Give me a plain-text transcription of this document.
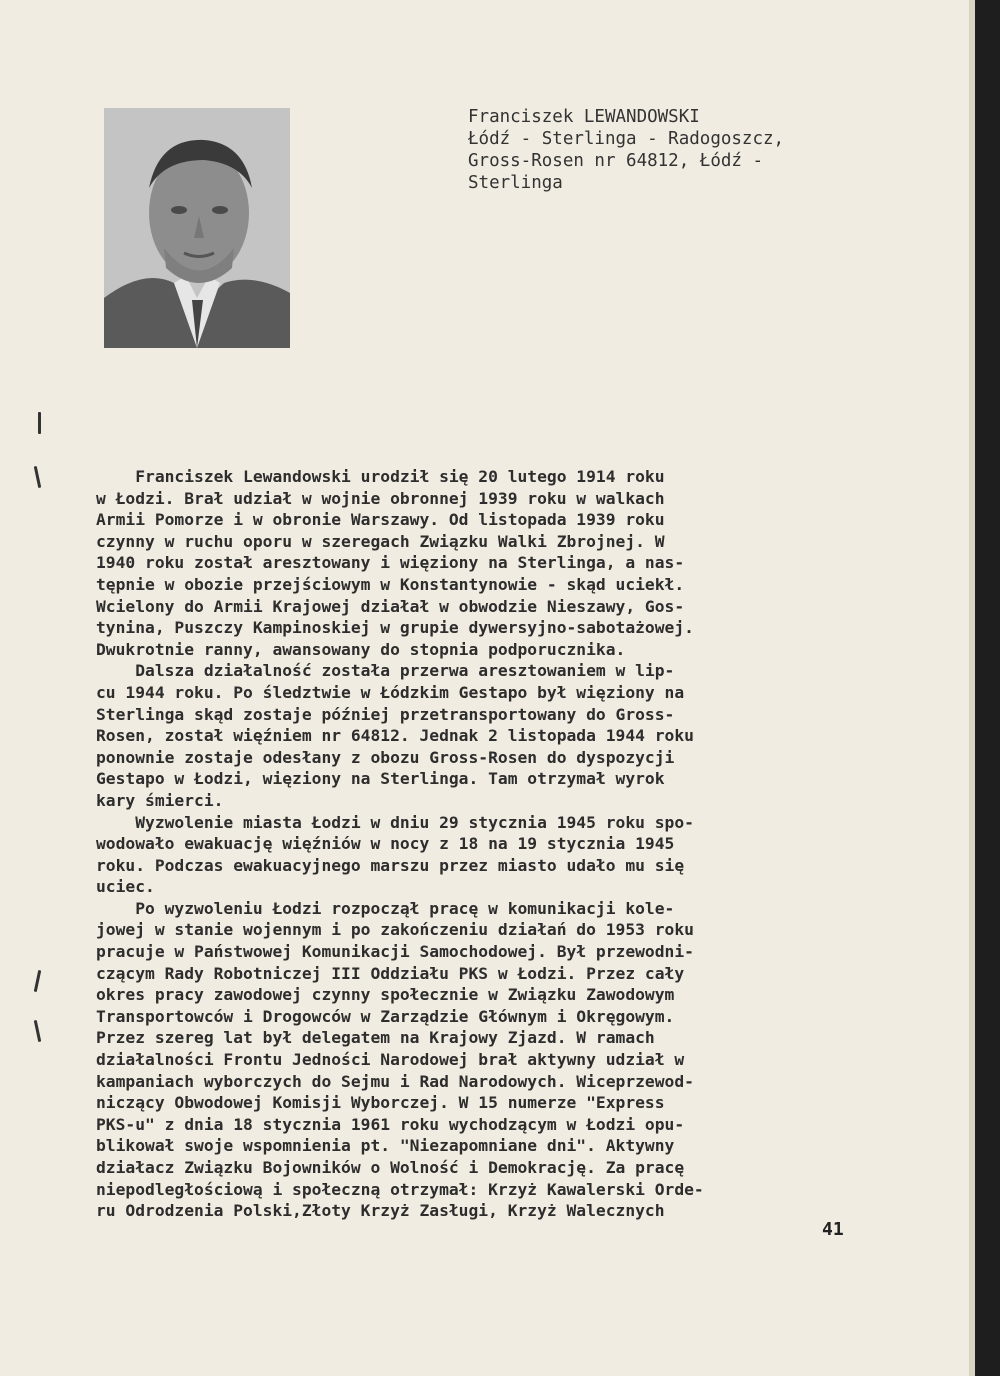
Franciszek LEWANDOWSKI
Łódź - Sterlinga - Radogoszcz,
Gross-Rosen nr 64812, Łódź -
Sterlinga

Franciszek Lewandowski urodził się 20 lutego 1914 roku

w Łodzi. Brał udział w wojnie obronnej 1939 roku w walkach

Armii Pomorze i w obronie Warszawy. Od listopada 1939 roku

czynny w ruchu oporu w szeregach Związku Walki Zbrojnej. W

1940 roku został aresztowany i więziony na Sterlinga, a nas-

tępnie w obozie przejściowym w Konstantynowie - skąd uciekł.

Wcielony do Armii Krajowej działał w obwodzie Nieszawy, Gos-

tynina, Puszczy Kampinoskiej w grupie dywersyjno-sabotażowej.

Dwukrotnie ranny, awansowany do stopnia podporucznika.

Dalsza działalność została przerwa aresztowaniem w lip-

cu 1944 roku. Po śledztwie w Łódzkim Gestapo był więziony na

Sterlinga skąd zostaje później przetransportowany do Gross-

Rosen, został więźniem nr 64812. Jednak 2 listopada 1944 roku

ponownie zostaje odesłany z obozu Gross-Rosen do dyspozycji

Gestapo w Łodzi, więziony na Sterlinga. Tam otrzymał wyrok

kary śmierci.

Wyzwolenie miasta Łodzi w dniu 29 stycznia 1945 roku spo-

wodowało ewakuację więźniów w nocy z 18 na 19 stycznia 1945

roku. Podczas ewakuacyjnego marszu przez miasto udało mu się

uciec.

Po wyzwoleniu Łodzi rozpoczął pracę w komunikacji kole-

jowej w stanie wojennym i po zakończeniu działań do 1953 roku

pracuje w Państwowej Komunikacji Samochodowej. Był przewodni-

czącym Rady Robotniczej III Oddziału PKS w Łodzi. Przez cały

okres pracy zawodowej czynny społecznie w Związku Zawodowym

Transportowców i Drogowców w Zarządzie Głównym i Okręgowym.

Przez szereg lat był delegatem na Krajowy Zjazd. W ramach

działalności Frontu Jedności Narodowej brał aktywny udział w

kampaniach wyborczych do Sejmu i Rad Narodowych. Wiceprzewod-

niczący Obwodowej Komisji Wyborczej. W 15 numerze "Express

PKS-u" z dnia 18 stycznia 1961 roku wychodzącym w Łodzi opu-

blikował swoje wspomnienia pt. "Niezapomniane dni". Aktywny

działacz Związku Bojowników o Wolność i Demokrację. Za pracę

niepodległościową i społeczną otrzymał: Krzyż Kawalerski Orde-

ru Odrodzenia Polski,Złoty Krzyż Zasługi, Krzyż Walecznych

41
